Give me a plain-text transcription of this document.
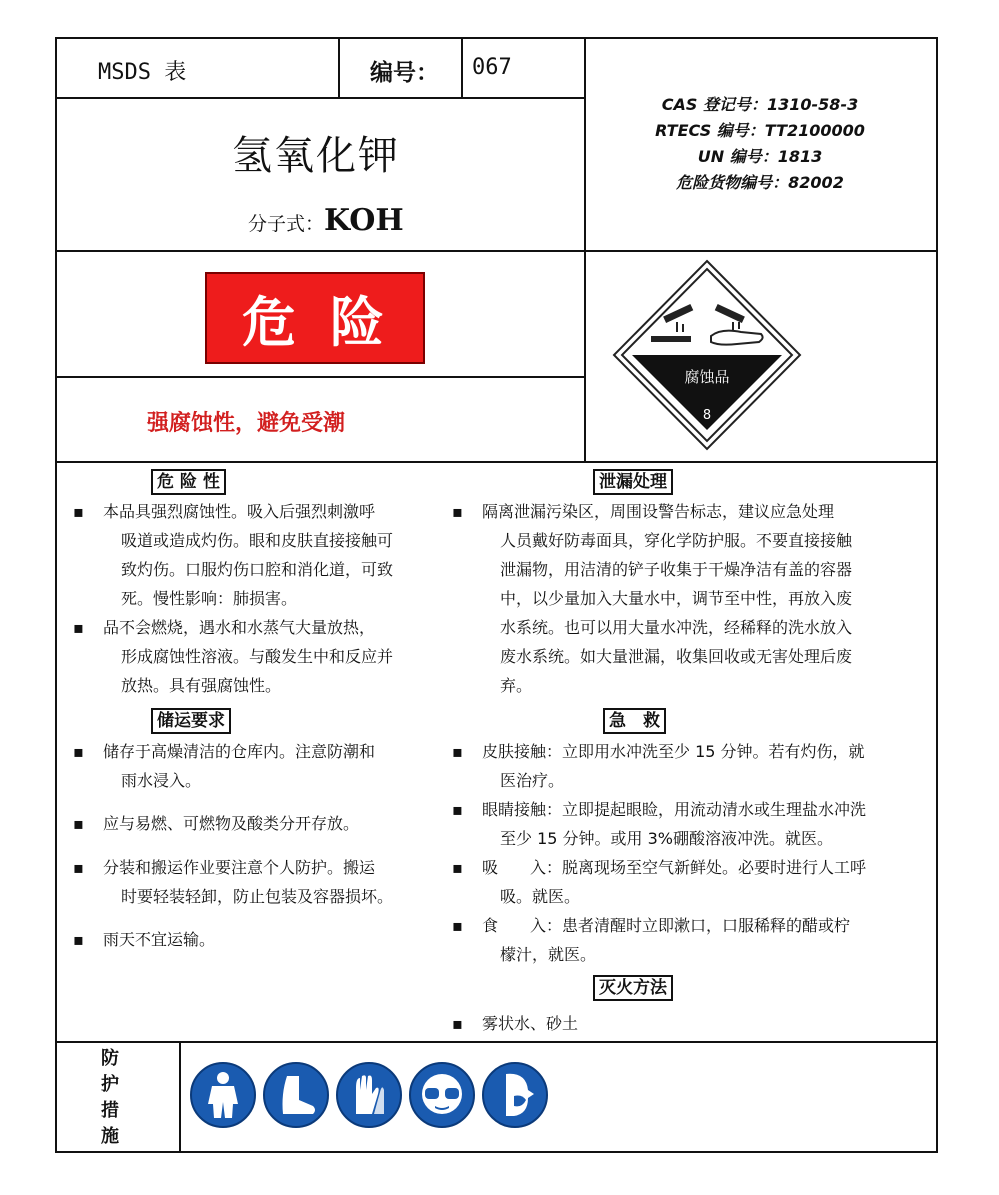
MSDS 表	编号： 067
氢氧化钾
分子式： KOH
CAS 登记号：1310-58-3
RTECS 编号：TT2100000
UN 编号：1813
危险货物编号：82002
危险
强腐蚀性，避免受潮
腐蚀品
8
危 险 性	泄漏处理
储运要求	急　救
灭火方法
▪ 本品具强烈腐蚀性。吸入后强烈刺激呼
吸道或造成灼伤。眼和皮肤直接接触可
致灼伤。口服灼伤口腔和消化道，可致
死。慢性影响：肺损害。
▪ 品不会燃烧，遇水和水蒸气大量放热，
形成腐蚀性溶液。与酸发生中和反应并
放热。具有强腐蚀性。
▪ 储存于高燥清洁的仓库内。注意防潮和
雨水浸入。
▪ 应与易燃、可燃物及酸类分开存放。
▪ 分装和搬运作业要注意个人防护。搬运
时要轻装轻卸，防止包装及容器损坏。
▪ 雨天不宜运输。
▪ 隔离泄漏污染区，周围设警告标志，建议应急处理
人员戴好防毒面具，穿化学防护服。不要直接接触
泄漏物，用洁清的铲子收集于干燥净洁有盖的容器
中，以少量加入大量水中，调节至中性，再放入废
水系统。也可以用大量水冲洗，经稀释的洗水放入
废水系统。如大量泄漏，收集回收或无害处理后废
弃。
▪ 皮肤接触：立即用水冲洗至少 15 分钟。若有灼伤，就
医治疗。
▪ 眼睛接触：立即提起眼睑，用流动清水或生理盐水冲洗
至少 15 分钟。或用 3%硼酸溶液冲洗。就医。
▪ 吸　　入：脱离现场至空气新鲜处。必要时进行人工呼
吸。就医。
▪ 食　　入：患者清醒时立即漱口，口服稀释的醋或柠
檬汁，就医。
▪ 雾状水、砂土
防
护
措
施
